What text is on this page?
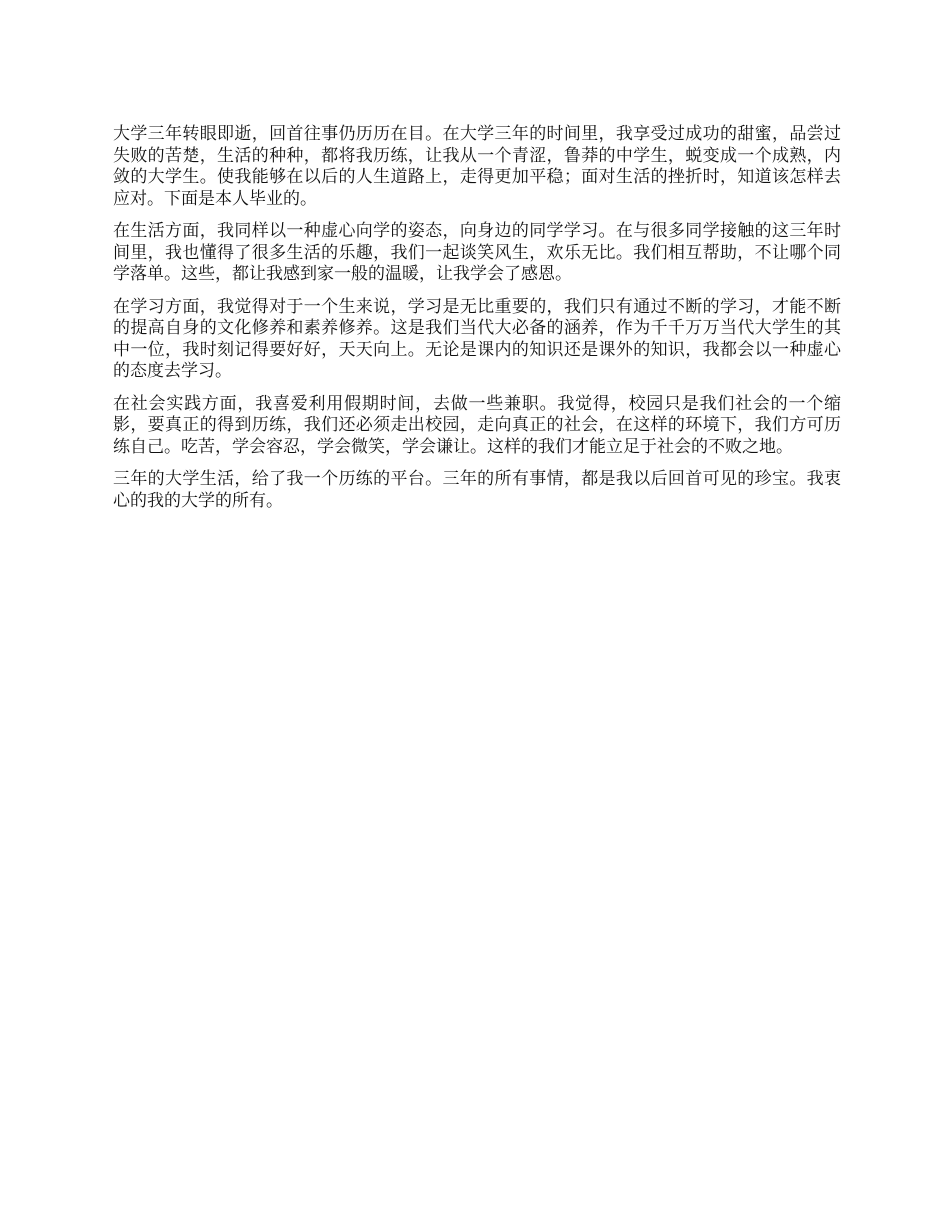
大学三年转眼即逝，回首往事仍历历在目。在大学三年的时间里，我享受过成功的甜蜜，品尝过失败的苦楚，生活的种种，都将我历练，让我从一个青涩，鲁莽的中学生，蜕变成一个成熟，内敛的大学生。使我能够在以后的人生道路上，走得更加平稳；面对生活的挫折时，知道该怎样去应对。下面是本人毕业的。

在生活方面，我同样以一种虚心向学的姿态，向身边的同学学习。在与很多同学接触的这三年时间里，我也懂得了很多生活的乐趣，我们一起谈笑风生，欢乐无比。我们相互帮助，不让哪个同学落单。这些，都让我感到家一般的温暖，让我学会了感恩。

在学习方面，我觉得对于一个生来说，学习是无比重要的，我们只有通过不断的学习，才能不断的提高自身的文化修养和素养修养。这是我们当代大必备的涵养，作为千千万万当代大学生的其中一位，我时刻记得要好好，天天向上。无论是课内的知识还是课外的知识，我都会以一种虚心的态度去学习。

在社会实践方面，我喜爱利用假期时间，去做一些兼职。我觉得，校园只是我们社会的一个缩影，要真正的得到历练，我们还必须走出校园，走向真正的社会，在这样的环境下，我们方可历练自己。吃苦，学会容忍，学会微笑，学会谦让。这样的我们才能立足于社会的不败之地。

三年的大学生活，给了我一个历练的平台。三年的所有事情，都是我以后回首可见的珍宝。我衷心的我的大学的所有。
